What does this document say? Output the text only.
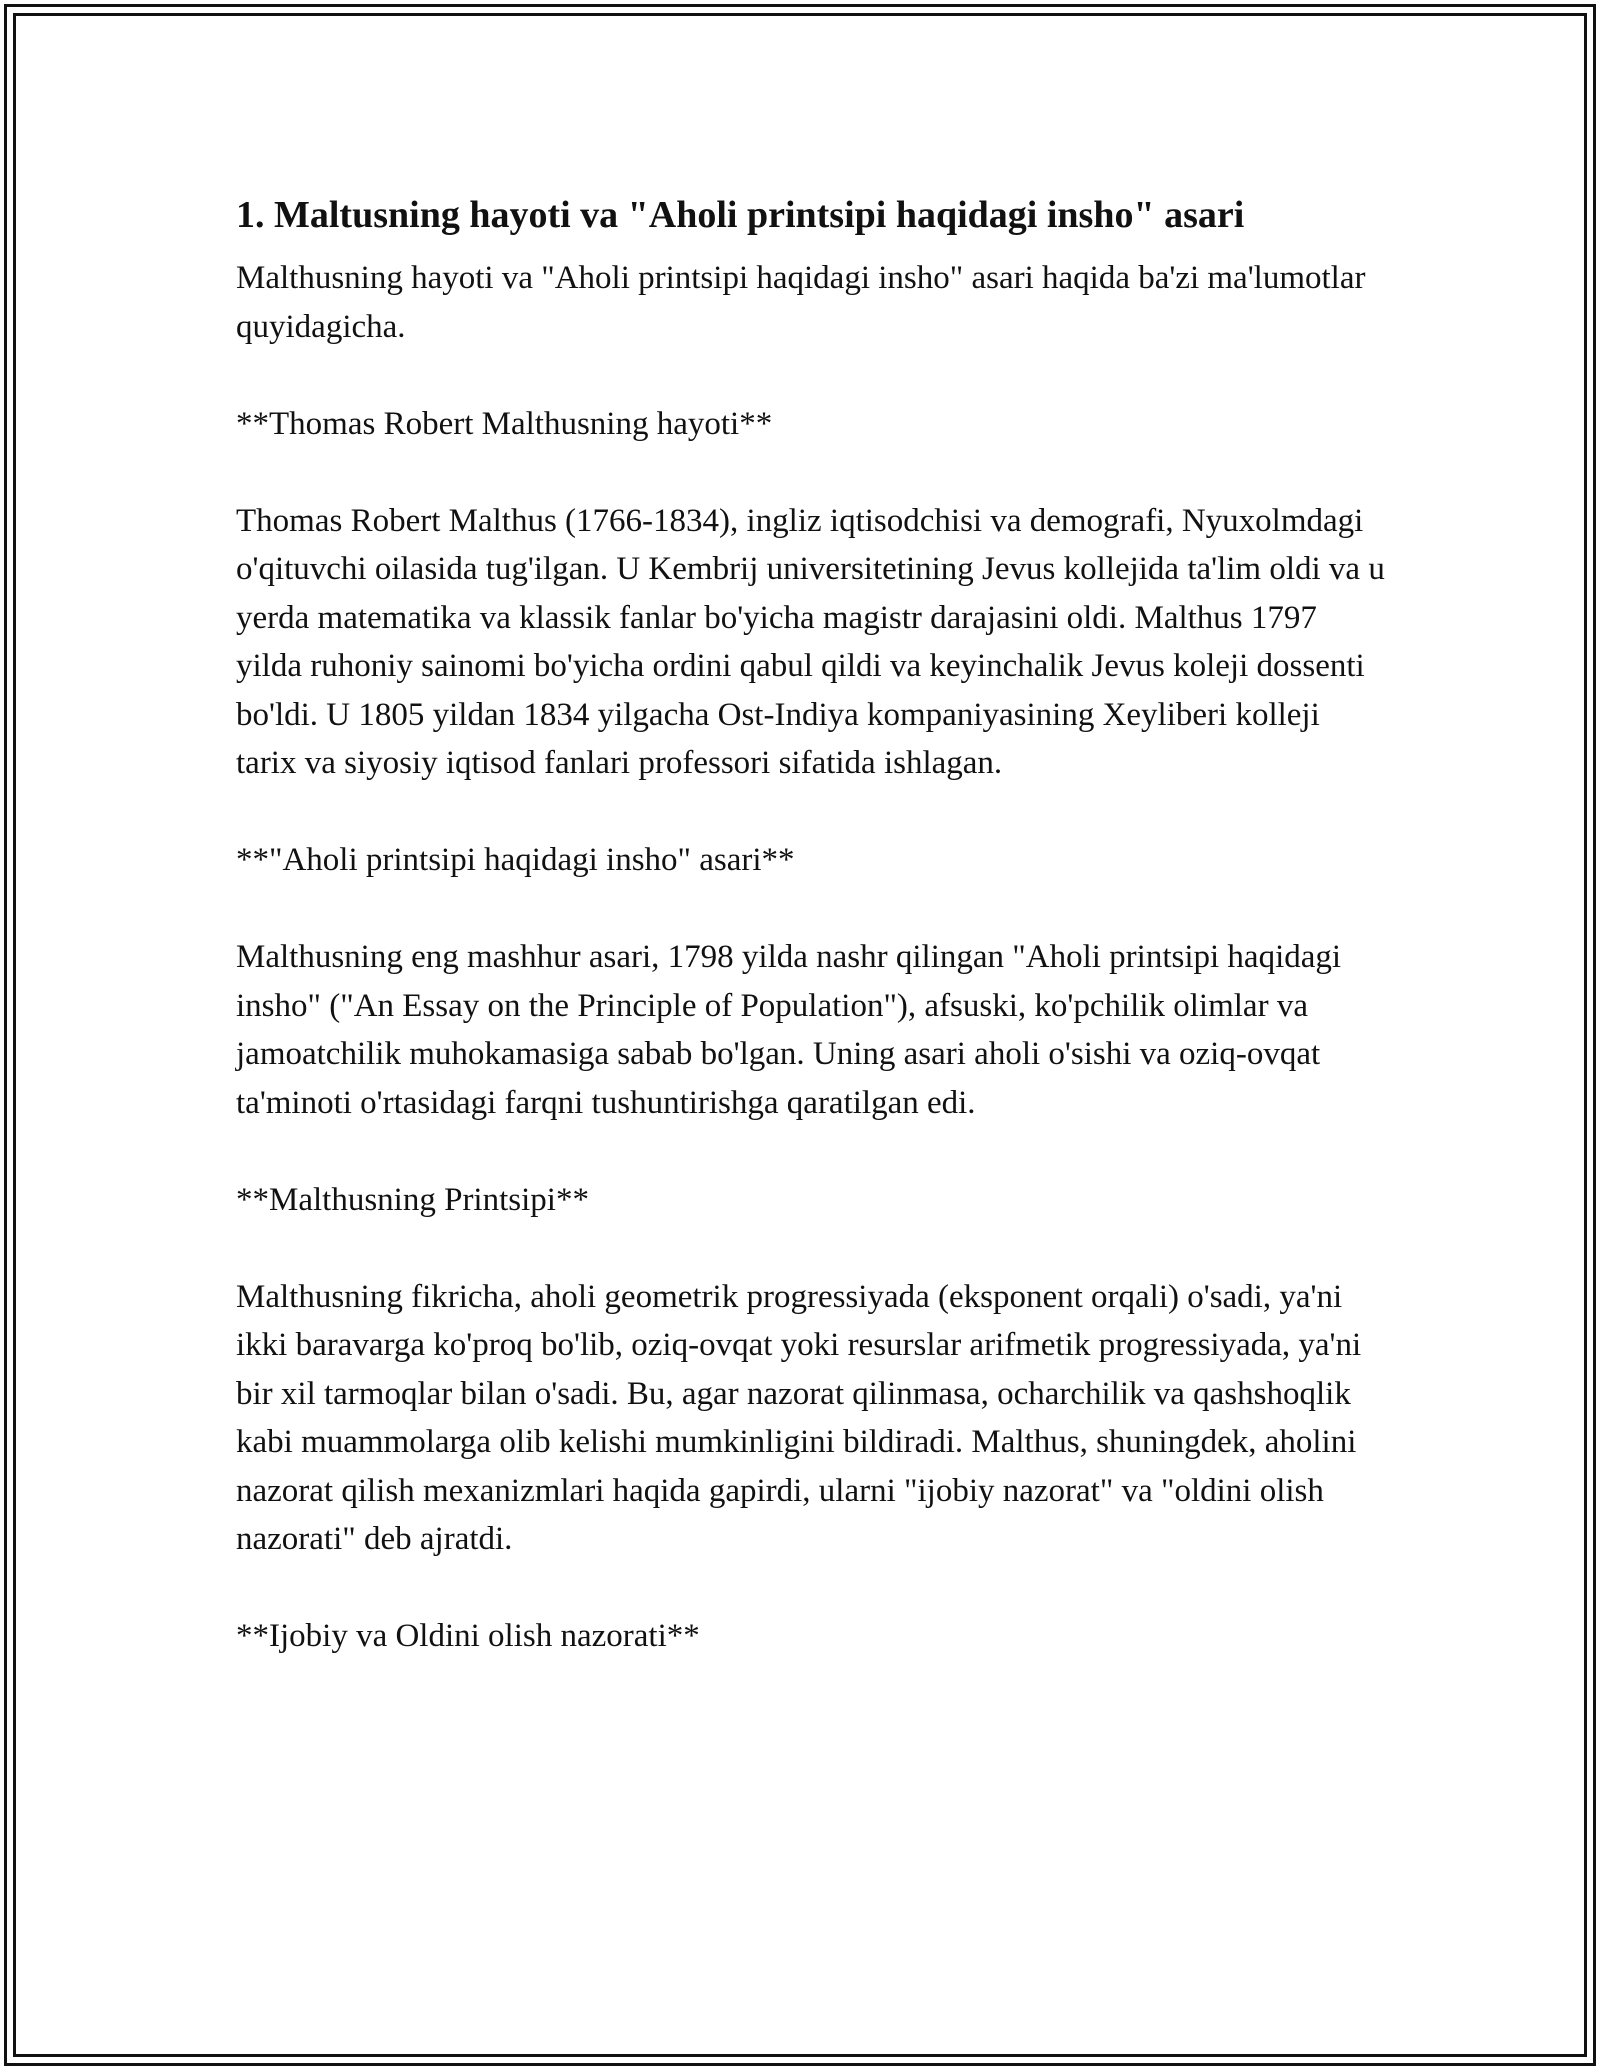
1. Maltusning hayoti va "Aholi printsipi haqidagi insho" asari

Malthusning hayoti va "Aholi printsipi haqidagi insho" asari haqida ba'zi ma'lumotlar quyidagicha.

**Thomas Robert Malthusning hayoti**

Thomas Robert Malthus (1766-1834), ingliz iqtisodchisi va demografi, Nyuxolmdagi o'qituvchi oilasida tug'ilgan. U Kembrij universitetining Jevus kollejida ta'lim oldi va u yerda matematika va klassik fanlar bo'yicha magistr darajasini oldi. Malthus 1797 yilda ruhoniy sainomi bo'yicha ordini qabul qildi va keyinchalik Jevus koleji dossenti bo'ldi. U 1805 yildan 1834 yilgacha Ost-Indiya kompaniyasining Xeyliberi kolleji tarix va siyosiy iqtisod fanlari professori sifatida ishlagan.

**"Aholi printsipi haqidagi insho" asari**

Malthusning eng mashhur asari, 1798 yilda nashr qilingan "Aholi printsipi haqidagi insho" ("An Essay on the Principle of Population"), afsuski, ko'pchilik olimlar va jamoatchilik muhokamasiga sabab bo'lgan. Uning asari aholi o'sishi va oziq-ovqat ta'minoti o'rtasidagi farqni tushuntirishga qaratilgan edi.

**Malthusning Printsipi**

Malthusning fikricha, aholi geometrik progressiyada (eksponent orqali) o'sadi, ya'ni ikki baravarga ko'proq bo'lib, oziq-ovqat yoki resurslar arifmetik progressiyada, ya'ni bir xil tarmoqlar bilan o'sadi. Bu, agar nazorat qilinmasa, ocharchilik va qashshoqlik kabi muammolarga olib kelishi mumkinligini bildiradi. Malthus, shuningdek, aholini nazorat qilish mexanizmlari haqida gapirdi, ularni "ijobiy nazorat" va "oldini olish nazorati" deb ajratdi.

**Ijobiy va Oldini olish nazorati**
